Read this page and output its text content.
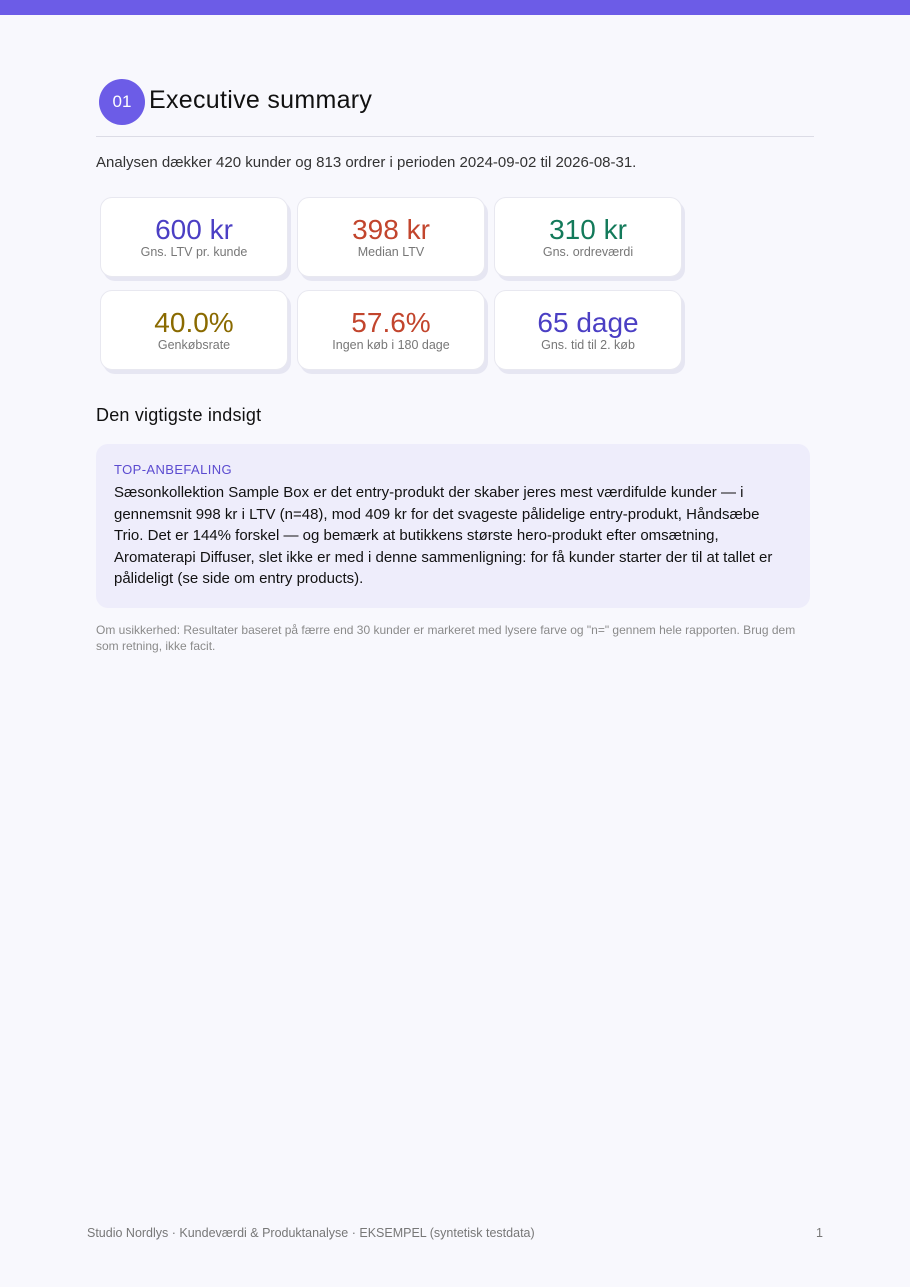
01 Executive summary
Analysen dækker 420 kunder og 813 ordrer i perioden 2024-09-02 til 2026-08-31.
600 kr
Gns. LTV pr. kunde
398 kr
Median LTV
310 kr
Gns. ordreværdi
40.0%
Genkøbsrate
57.6%
Ingen køb i 180 dage
65 dage
Gns. tid til 2. køb
Den vigtigste indsigt
TOP-ANBEFALING
Sæsonkollektion Sample Box er det entry-produkt der skaber jeres mest værdifulde kunder — i gennemsnit 998 kr i LTV (n=48), mod 409 kr for det svageste pålidelige entry-produkt, Håndsæbe Trio. Det er 144% forskel — og bemærk at butikkens største hero-produkt efter omsætning, Aromaterapi Diffuser, slet ikke er med i denne sammenligning: for få kunder starter der til at tallet er pålideligt (se side om entry products).
Om usikkerhed: Resultater baseret på færre end 30 kunder er markeret med lysere farve og "n=" gennem hele rapporten. Brug dem som retning, ikke facit.
Studio Nordlys · Kundeværdi & Produktanalyse · EKSEMPEL (syntetisk testdata)	1
